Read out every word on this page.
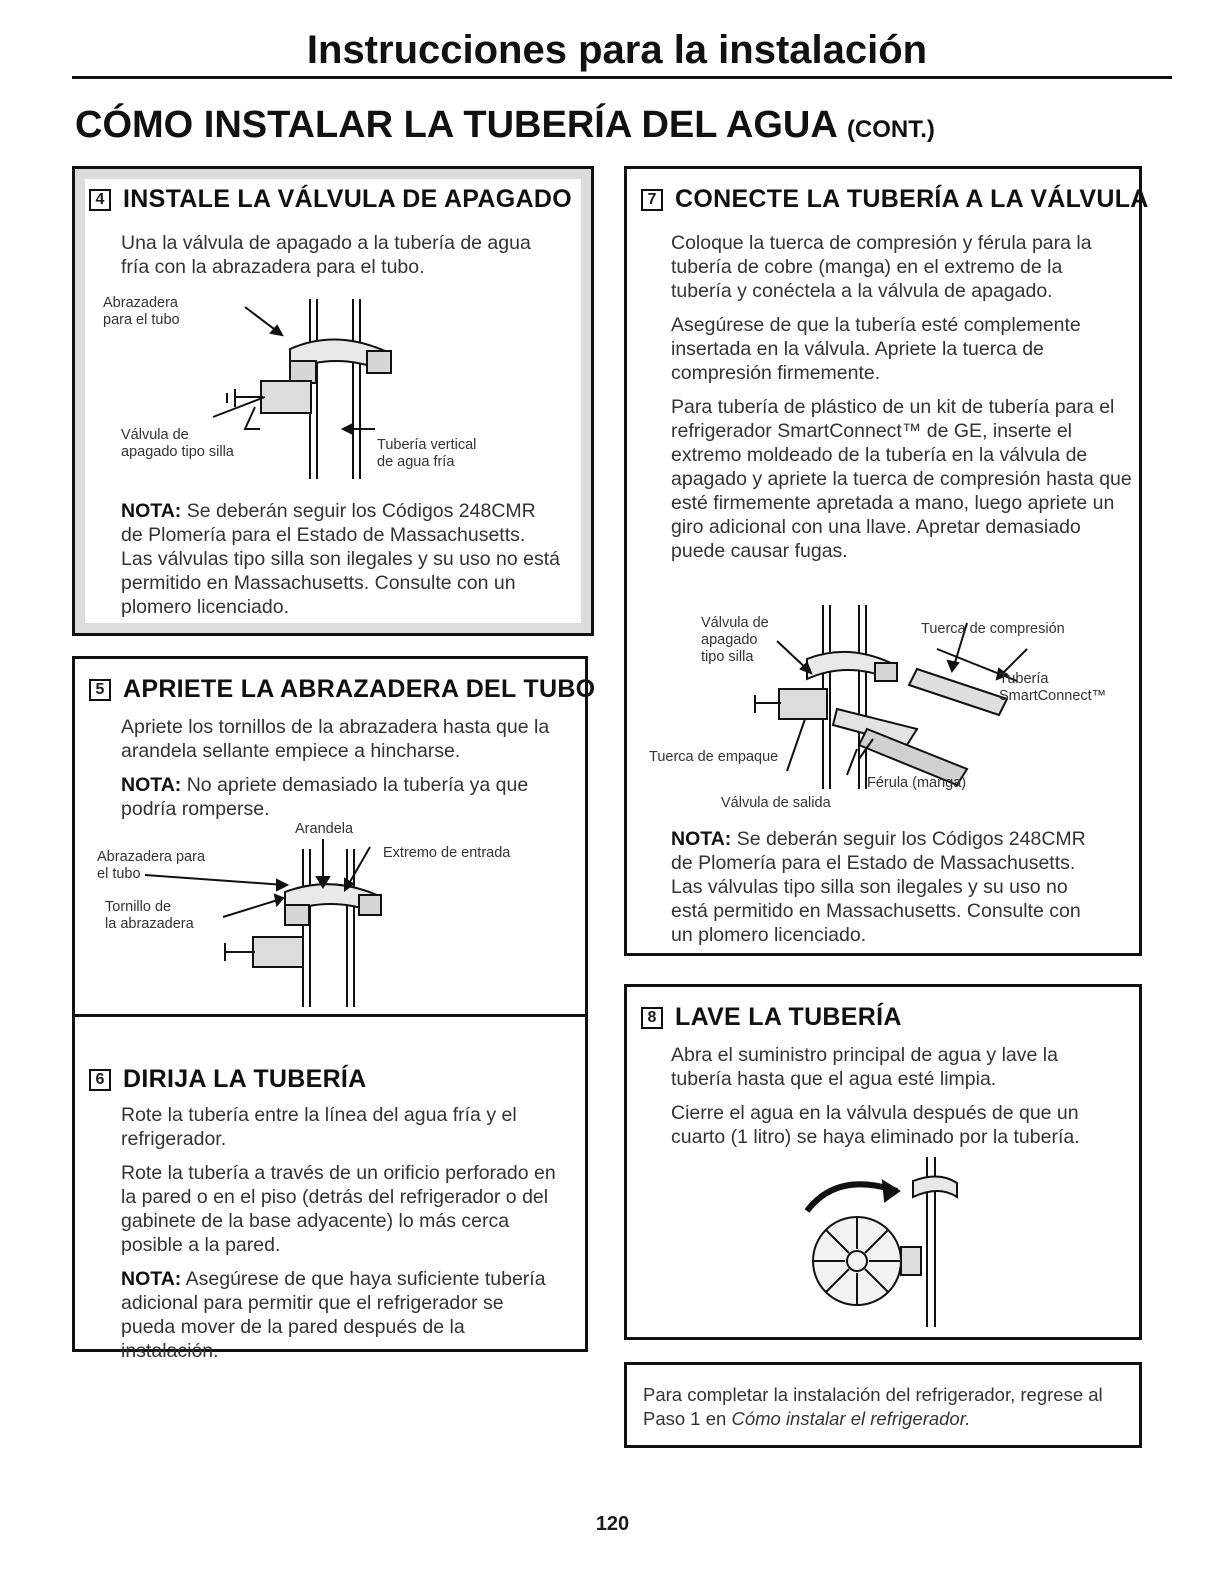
Instrucciones para la instalación
CÓMO INSTALAR LA TUBERÍA DEL AGUA (CONT.)
4 INSTALE LA VÁLVULA DE APAGADO
Una la válvula de apagado a la tubería de agua fría con la abrazadera para el tubo.
Abrazadera
para el tubo
Válvula de
apagado tipo silla	Tubería vertical
de agua fría
NOTA: Se deberán seguir los Códigos 248CMR de Plomería para el Estado de Massachusetts. Las válvulas tipo silla son ilegales y su uso no está permitido en Massachusetts. Consulte con un plomero licenciado.
5 APRIETE LA ABRAZADERA DEL TUBO
Apriete los tornillos de la abrazadera hasta que la arandela sellante empiece a hincharse.
NOTA: No apriete demasiado la tubería ya que podría romperse.
Arandela
Extremo de entrada
Abrazadera para
el tubo
Tornillo de
la abrazadera
6 DIRIJA LA TUBERÍA
Rote la tubería entre la línea del agua fría y el refrigerador.
Rote la tubería a través de un orificio perforado en la pared o en el piso (detrás del refrigerador o del gabinete de la base adyacente) lo más cerca posible a la pared.
NOTA: Asegúrese de que haya suficiente tubería adicional para permitir que el refrigerador se pueda mover de la pared después de la instalación.
7 CONECTE LA TUBERÍA A LA VÁLVULA
Coloque la tuerca de compresión y férula para la tubería de cobre (manga) en el extremo de la tubería y conéctela a la válvula de apagado.
Asegúrese de que la tubería esté complemente insertada en la válvula. Apriete la tuerca de compresión firmemente.
Para tubería de plástico de un kit de tubería para el refrigerador SmartConnect™ de GE, inserte el extremo moldeado de la tubería en la válvula de apagado y apriete la tuerca de compresión hasta que esté firmemente apretada a mano, luego apriete un giro adicional con una llave. Apretar demasiado puede causar fugas.
Válvula de
apagado
tipo silla
Tuerca de compresión
Tubería
SmartConnect™
Tuerca de empaque
Férula (manga)
Válvula de salida
NOTA: Se deberán seguir los Códigos 248CMR de Plomería para el Estado de Massachusetts. Las válvulas tipo silla son ilegales y su uso no está permitido en Massachusetts. Consulte con un plomero licenciado.
8 LAVE LA TUBERÍA
Abra el suministro principal de agua y lave la tubería hasta que el agua esté limpia.
Cierre el agua en la válvula después de que un cuarto (1 litro) se haya eliminado por la tubería.
Para completar la instalación del refrigerador, regrese al Paso 1 en Cómo instalar el refrigerador.
120
